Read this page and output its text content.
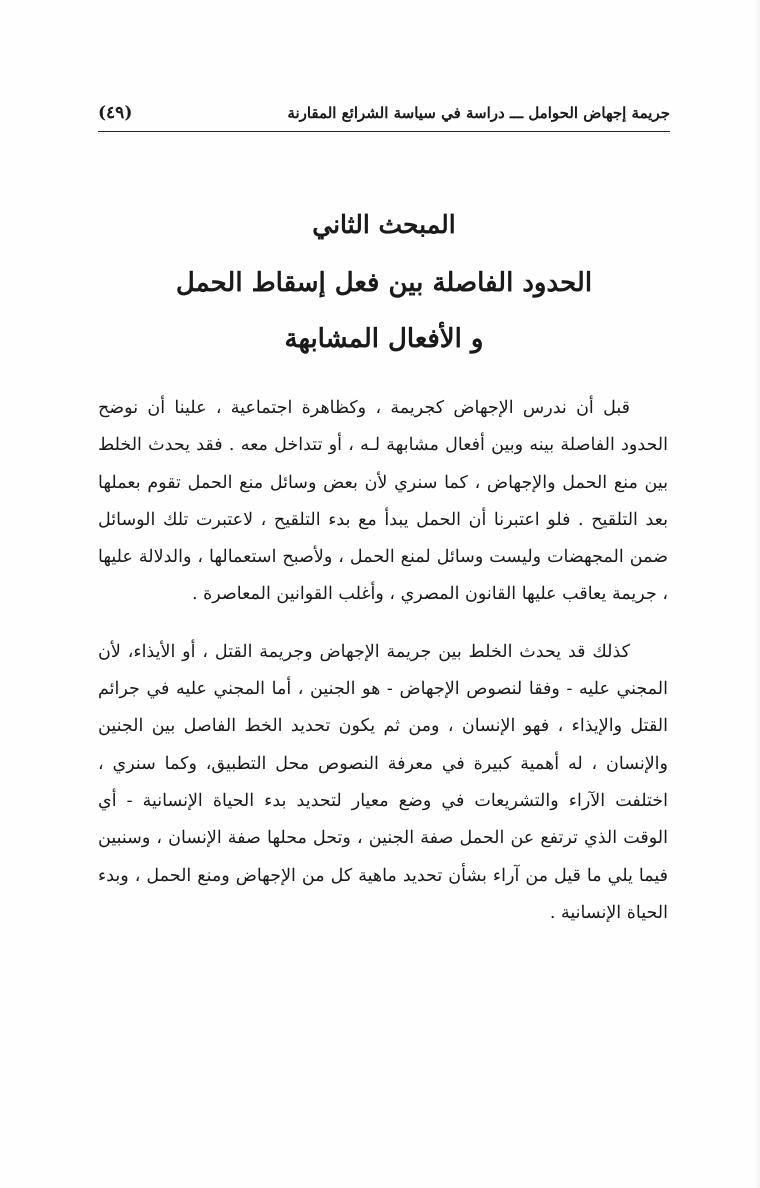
جريمة إجهاض الحوامل ـــ دراسة في سياسة الشرائع المقارنة
(٤٩)
المبحث الثاني
الحدود الفاصلة بين فعل إسقاط الحمل
و الأفعال المشابهة

قبل أن ندرس الإجهاض كجريمة ، وكظاهرة اجتماعية ، علينا أن نوضح الحدود الفاصلة بينه وبين أفعال مشابهة لـه ، أو تتداخل معه . فقد يحدث الخلط بين منع الحمل والإجهاض ، كما سنري لأن بعض وسائل منع الحمل تقوم بعملها بعد التلقيح . فلو اعتبرنا أن الحمل يبدأ مع بدء التلقيح ، لاعتبرت تلك الوسائل ضمن المجهضات وليست وسائل لمنع الحمل ، ولأصبح استعمالها ، والدلالة عليها ، جريمة يعاقب عليها القانون المصري ، وأغلب القوانين المعاصرة .

كذلك قد يحدث الخلط بين جريمة الإجهاض وجريمة القتل ، أو الأيذاء، لأن المجني عليه - وفقا لنصوص الإجهاض - هو الجنين ، أما المجني عليه في جرائم القتل والإيذاء ، فهو الإنسان ، ومن ثم يكون تحديد الخط الفاصل بين الجنين والإنسان ، له أهمية كبيرة في معرفة النصوص محل التطبيق، وكما سنري ، اختلفت الآراء والتشريعات في وضع معيار لتحديد بدء الحياة الإنسانية - أي الوقت الذي ترتفع عن الحمل صفة الجنين ، وتحل محلها صفة الإنسان ، وسنبين فيما يلي ما قيل من آراء بشأن تحديد ماهية كل من الإجهاض ومنع الحمل ، وبدء الحياة الإنسانية .
